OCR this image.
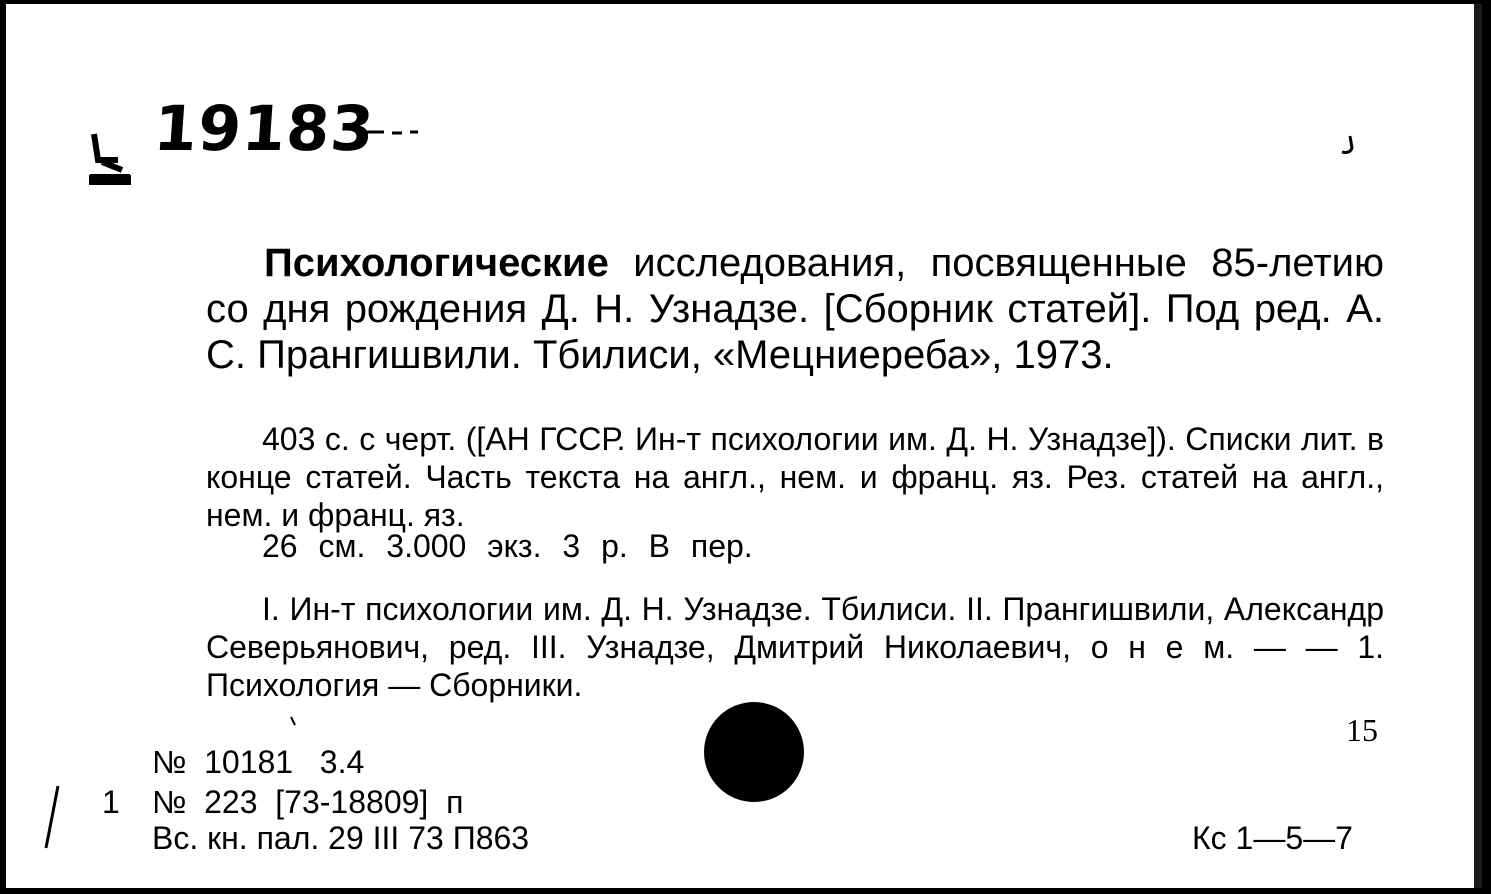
19183
Психологические исследования, посвященные 85-летию со дня рождения Д. Н. Узнадзе. [Сборник статей]. Под ред. А. С. Прангишвили. Тбилиси, «Мецниереба», 1973.
403 с. с черт. ([АН ГССР. Ин-т психологии им. Д. Н. Узнадзе]). Списки лит. в конце статей. Часть текста на англ., нем. и франц. яз. Рез. статей на англ., нем. и франц. яз.
26 см. 3.000 экз. 3 р. В пер.
I. Ин-т психологии им. Д. Н. Узнадзе. Тбилиси. II. Прангишвили, Александр Северьянович, ред. III. Узнадзе, Дмитрий Николаевич, о н е м. — — 1. Психология — Сборники.
15
№  10181   3.4
1 №  223  [73-18809]  п
Вс. кн. пал. 29 III 73 П863	Кс 1—5—7
